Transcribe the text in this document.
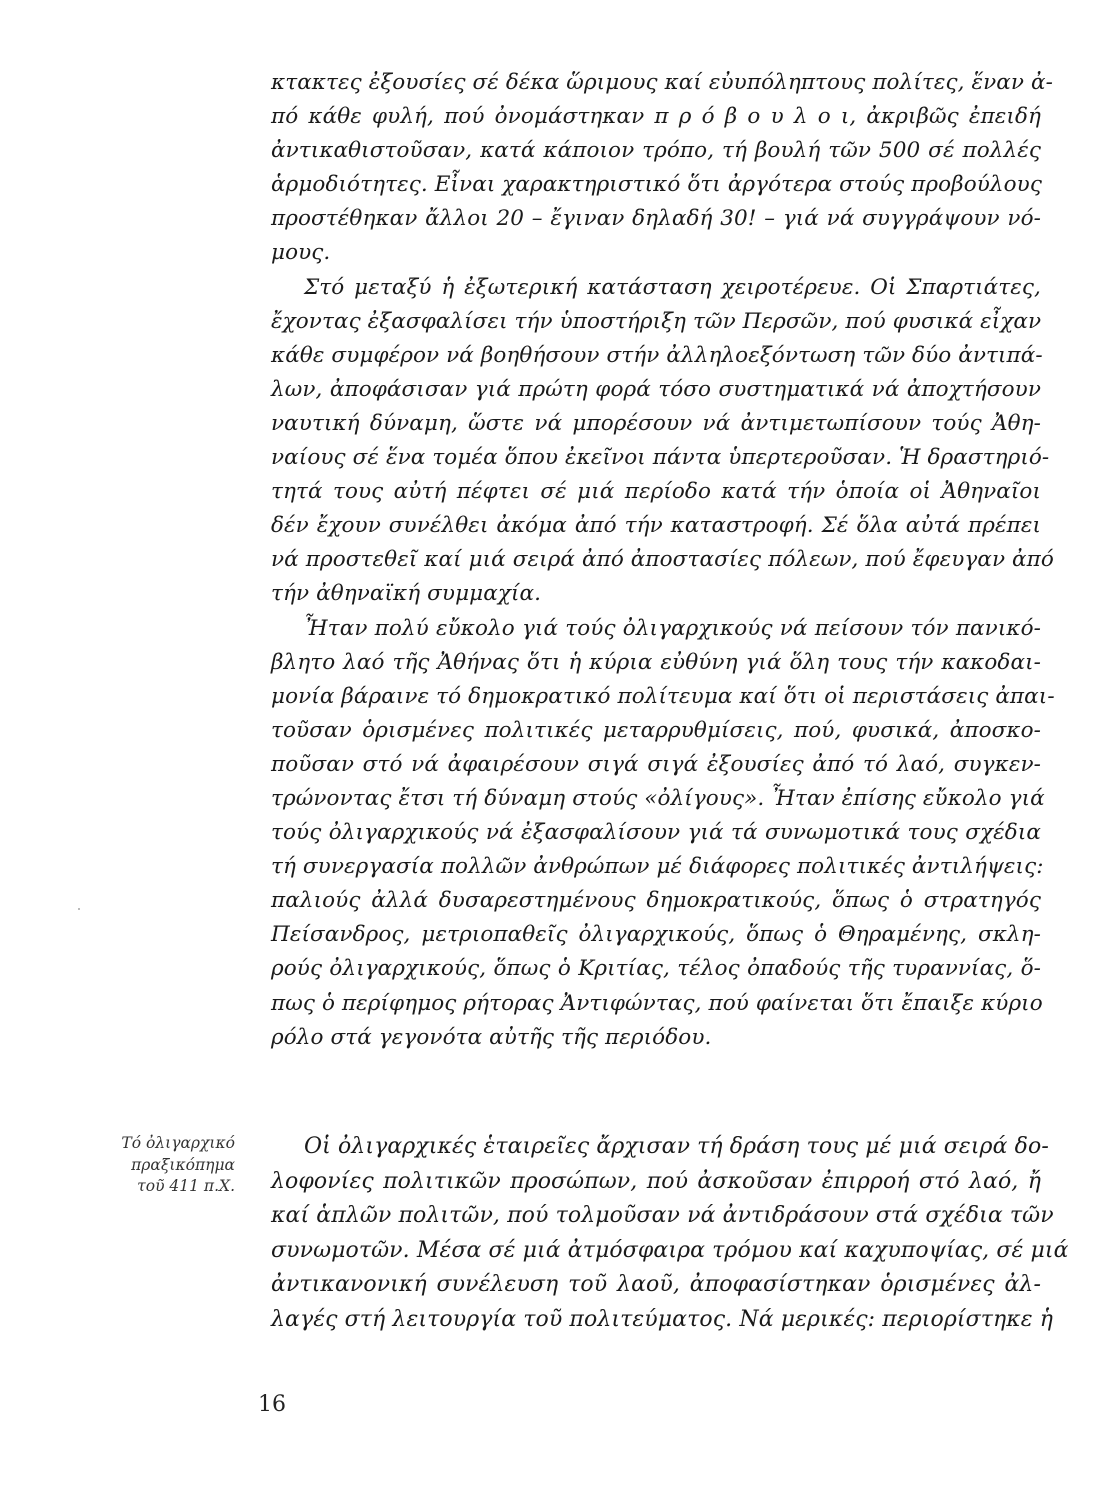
κτακτες ἐξουσίες σέ δέκα ὥριμους καί εὐυπόληπτους πολίτες, ἕναν ἀ-
πό κάθε φυλή, πού ὀνομάστηκαν π ρ ό β ο υ λ ο ι, ἀκριβῶς ἐπειδή
ἀντικαθιστοῦσαν, κατά κάποιον τρόπο, τή βουλή τῶν 500 σέ πολλές
ἁρμοδιότητες. Εἶναι χαρακτηριστικό ὅτι ἀργότερα στούς προβούλους
προστέθηκαν ἄλλοι 20 – ἔγιναν δηλαδή 30! – γιά νά συγγράψουν νό-
μους.
Στό μεταξύ ἡ ἐξωτερική κατάσταση χειροτέρευε. Οἱ Σπαρτιάτες,
ἔχοντας ἐξασφαλίσει τήν ὑποστήριξη τῶν Περσῶν, πού φυσικά εἶχαν
κάθε συμφέρον νά βοηθήσουν στήν ἀλληλοεξόντωση τῶν δύο ἀντιπά-
λων, ἀποφάσισαν γιά πρώτη φορά τόσο συστηματικά νά ἀποχτήσουν
ναυτική δύναμη, ὥστε νά μπορέσουν νά ἀντιμετωπίσουν τούς Ἀθη-
ναίους σέ ἕνα τομέα ὅπου ἐκεῖνοι πάντα ὑπερτεροῦσαν. Ἡ δραστηριό-
τητά τους αὐτή πέφτει σέ μιά περίοδο κατά τήν ὁποία οἱ Ἀθηναῖοι
δέν ἔχουν συνέλθει ἀκόμα ἀπό τήν καταστροφή. Σέ ὅλα αὐτά πρέπει
νά προστεθεῖ καί μιά σειρά ἀπό ἀποστασίες πόλεων, πού ἔφευγαν ἀπό
τήν ἀθηναϊκή συμμαχία.
Ἦταν πολύ εὔκολο γιά τούς ὀλιγαρχικούς νά πείσουν τόν πανικό-
βλητο λαό τῆς Ἀθήνας ὅτι ἡ κύρια εὐθύνη γιά ὅλη τους τήν κακοδαι-
μονία βάραινε τό δημοκρατικό πολίτευμα καί ὅτι οἱ περιστάσεις ἀπαι-
τοῦσαν ὁρισμένες πολιτικές μεταρρυθμίσεις, πού, φυσικά, ἀποσκο-
ποῦσαν στό νά ἀφαιρέσουν σιγά σιγά ἐξουσίες ἀπό τό λαό, συγκεν-
τρώνοντας ἔτσι τή δύναμη στούς «ὀλίγους». Ἦταν ἐπίσης εὔκολο γιά
τούς ὀλιγαρχικούς νά ἐξασφαλίσουν γιά τά συνωμοτικά τους σχέδια
τή συνεργασία πολλῶν ἀνθρώπων μέ διάφορες πολιτικές ἀντιλήψεις:
παλιούς ἀλλά δυσαρεστημένους δημοκρατικούς, ὅπως ὁ στρατηγός
Πείσανδρος, μετριοπαθεῖς ὀλιγαρχικούς, ὅπως ὁ Θηραμένης, σκλη-
ρούς ὀλιγαρχικούς, ὅπως ὁ Κριτίας, τέλος ὀπαδούς τῆς τυραννίας, ὅ-
πως ὁ περίφημος ρήτορας Ἀντιφώντας, πού φαίνεται ὅτι ἔπαιξε κύριο
ρόλο στά γεγονότα αὐτῆς τῆς περιόδου.
Τό ὀλιγαρχικό
πραξικόπημα
τοῦ 411 π.Χ.
Οἱ ὀλιγαρχικές ἑταιρεῖες ἄρχισαν τή δράση τους μέ μιά σειρά δο-
λοφονίες πολιτικῶν προσώπων, πού ἀσκοῦσαν ἐπιρροή στό λαό, ἤ
καί ἁπλῶν πολιτῶν, πού τολμοῦσαν νά ἀντιδράσουν στά σχέδια τῶν
συνωμοτῶν. Μέσα σέ μιά ἀτμόσφαιρα τρόμου καί καχυποψίας, σέ μιά
ἀντικανονική συνέλευση τοῦ λαοῦ, ἀποφασίστηκαν ὁρισμένες ἀλ-
λαγές στή λειτουργία τοῦ πολιτεύματος. Νά μερικές: περιορίστηκε ἡ
16
